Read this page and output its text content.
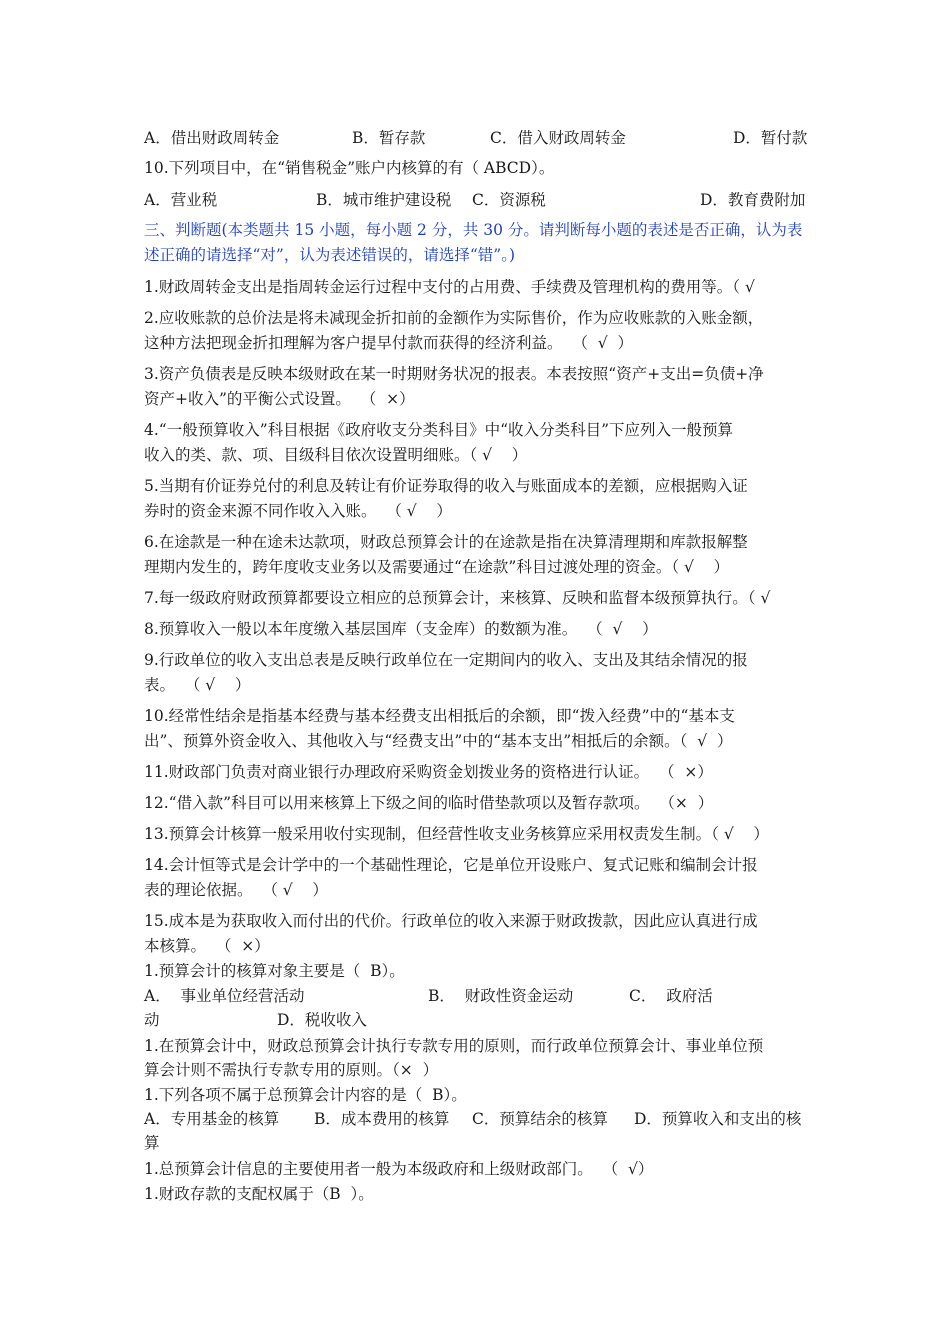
A．借出财政周转金	B．暂存款	C．借入财政周转金	D．暂付款
10.下列项目中，在“销售税金”账户内核算的有（ ABCD）。
A．营业税	B．城市维护建设税 C．资源税	D．教育费附加
三、判断题(本类题共 15 小题，每小题 2 分，共 30 分。请判断每小题的表述是否正确，认为表
述正确的请选择“对”，认为表述错误的，请选择“错”。)
1.财政周转金支出是指周转金运行过程中支付的占用费、手续费及管理机构的费用等。（ √
2.应收账款的总价法是将未减现金折扣前的金额作为实际售价，作为应收账款的入账金额，
这种方法把现金折扣理解为客户提早付款而获得的经济利益。  （  √  ）
3.资产负债表是反映本级财政在某一时期财务状况的报表。本表按照“资产+支出=负债+净
资产+收入”的平衡公式设置。  （  ×）
4.“一般预算收入”科目根据《政府收支分类科目》中“收入分类科目”下应列入一般预算
收入的类、款、项、目级科目依次设置明细账。（ √    ）
5.当期有价证券兑付的利息及转让有价证券取得的收入与账面成本的差额，应根据购入证
券时的资金来源不同作收入入账。  （ √    ）
6.在途款是一种在途未达款项，财政总预算会计的在途款是指在决算清理期和库款报解整
理期内发生的，跨年度收支业务以及需要通过“在途款”科目过渡处理的资金。（ √    ）
7.每一级政府财政预算都要设立相应的总预算会计，来核算、反映和监督本级预算执行。（ √
8.预算收入一般以本年度缴入基层国库（支金库）的数额为准。  （  √    ）
9.行政单位的收入支出总表是反映行政单位在一定期间内的收入、支出及其结余情况的报
表。  （ √    ）
10.经常性结余是指基本经费与基本经费支出相抵后的余额，即“拨入经费”中的“基本支
出”、预算外资金收入、其他收入与“经费支出”中的“基本支出”相抵后的余额。（  √  ）
11.财政部门负责对商业银行办理政府采购资金划拨业务的资格进行认证。  （  ×）
12.“借入款”科目可以用来核算上下级之间的临时借垫款项以及暂存款项。  （×  ）
13.预算会计核算一般采用收付实现制，但经营性收支业务核算应采用权责发生制。（ √    ）
14.会计恒等式是会计学中的一个基础性理论，它是单位开设账户、复式记账和编制会计报
表的理论依据。  （ √    ）
15.成本是为获取收入而付出的代价。行政单位的收入来源于财政拨款，因此应认真进行成
本核算。  （  ×）
1.预算会计的核算对象主要是（  B）。
A．  事业单位经营活动	B．  财政性资金运动	C．  政府活
动	D．税收收入
1.在预算会计中，财政总预算会计执行专款专用的原则，而行政单位预算会计、事业单位预
算会计则不需执行专款专用的原则。（×  ）
1.下列各项不属于总预算会计内容的是（  B）。
A．专用基金的核算 B．成本费用的核算 C．预算结余的核算 D．预算收入和支出的核
算
1.总预算会计信息的主要使用者一般为本级政府和上级财政部门。  （  √）
1.财政存款的支配权属于（B  ）。
